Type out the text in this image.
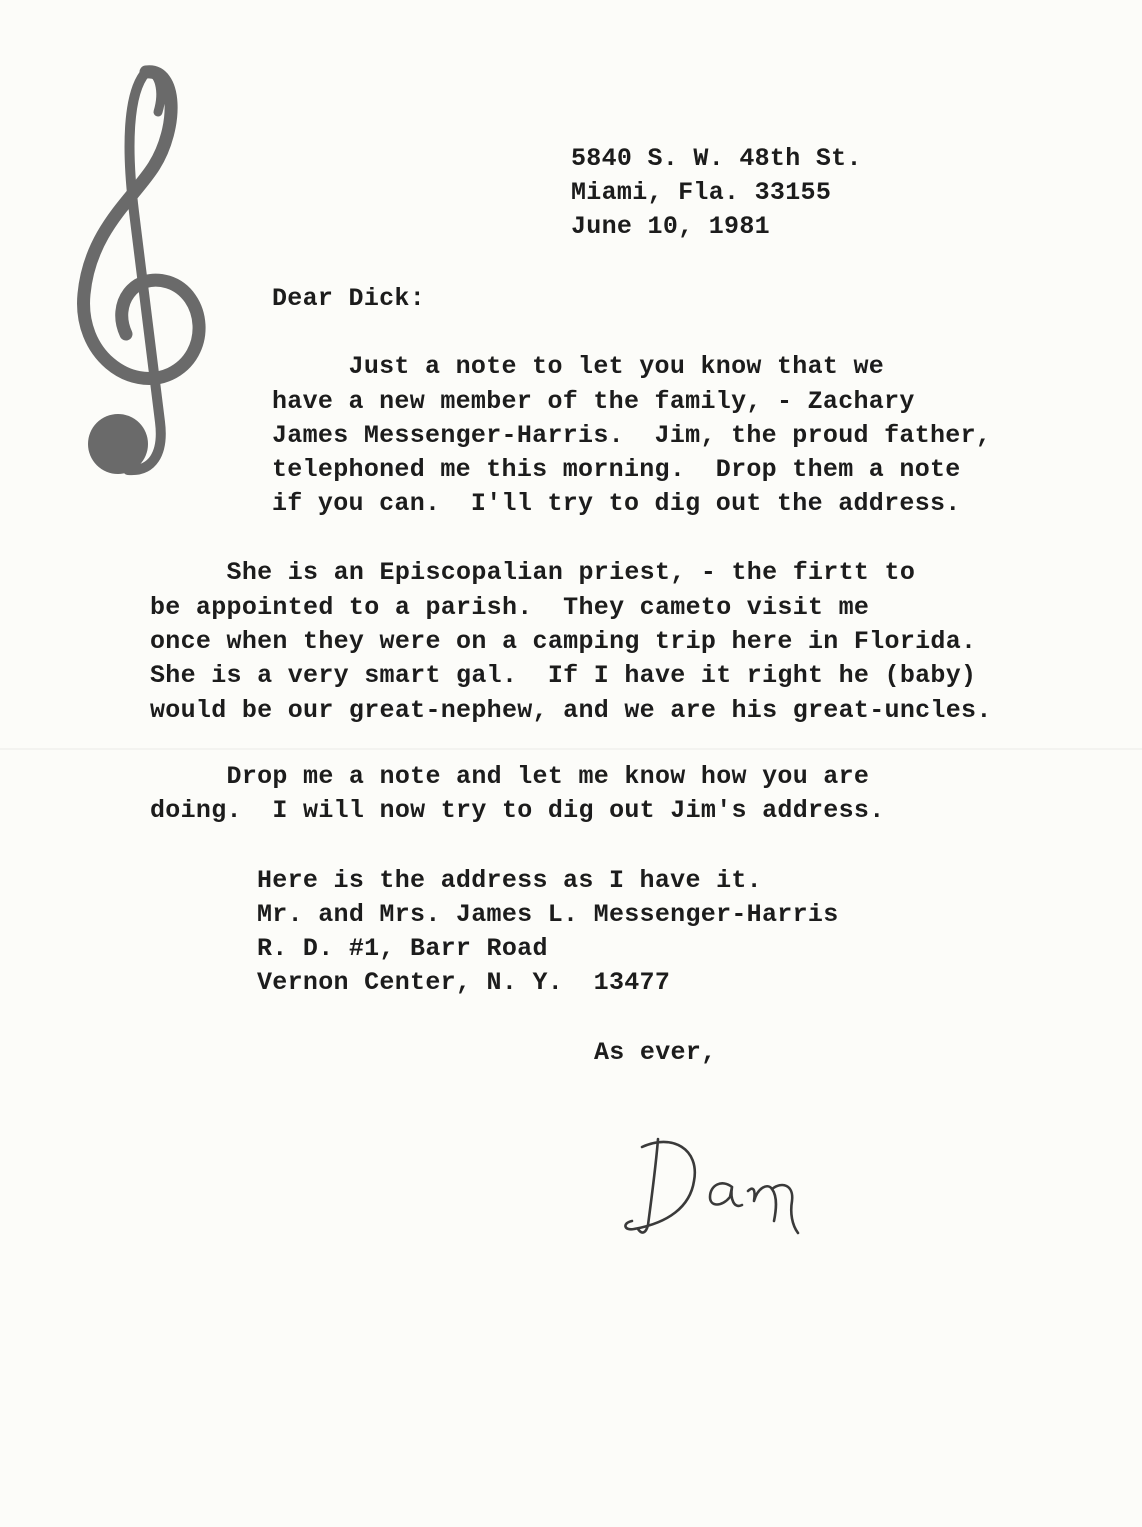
5840 S. W. 48th St.

Miami, Fla. 33155

June 10, 1981

Dear Dick:

Just a note to let you know that we

have a new member of the family, - Zachary

James Messenger-Harris.  Jim, the proud father,

telephoned me this morning.  Drop them a note

if you can.  I'll try to dig out the address.

She is an Episcopalian priest, - the firtt to

be appointed to a parish.  They cameto visit me

once when they were on a camping trip here in Florida.

She is a very smart gal.  If I have it right he (baby)

would be our great-nephew, and we are his great-uncles.

Drop me a note and let me know how you are

doing.  I will now try to dig out Jim's address.

Here is the address as I have it.

Mr. and Mrs. James L. Messenger-Harris

R. D. #1, Barr Road

Vernon Center, N. Y.  13477

As ever,
